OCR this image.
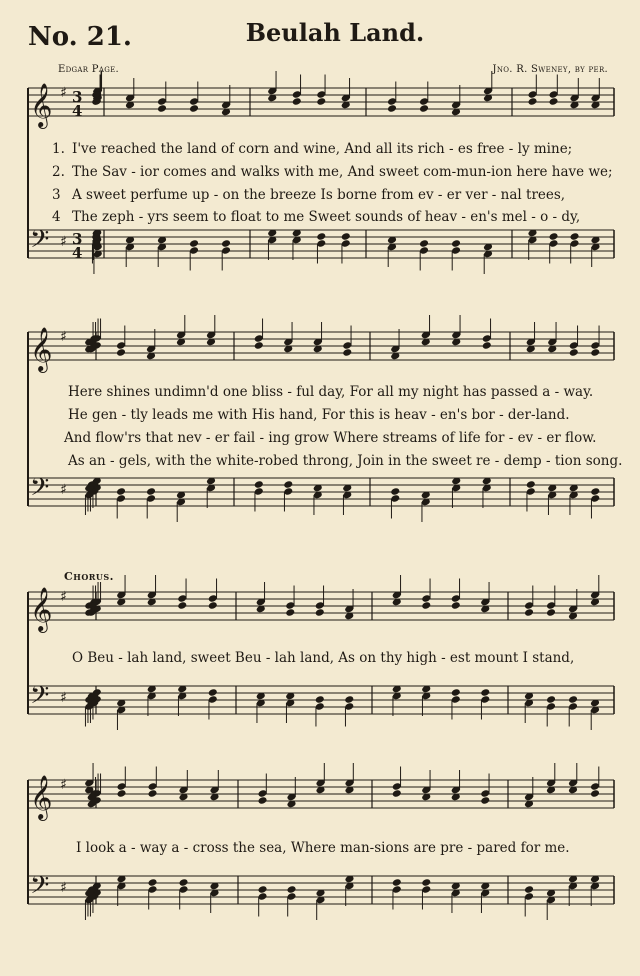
No. 21.	Beulah Land.
Edgar Page.	Jno. R. Sweney, by per.
Chorus.
𝄞 ♯ 3
4
𝄢 ♯ 3
4
𝄞 ♯
𝄢 ♯
𝄞 ♯
𝄢 ♯
𝄞 ♯
𝄢 ♯
1. I've reached the land of corn and wine, And all its rich - es free - ly mine;
2. The Sav - ior comes and walks with me, And sweet com-mun-ion here have we;
3 A sweet perfume up - on the breeze Is borne from ev - er ver - nal trees,
4 The zeph - yrs seem to float to me Sweet sounds of heav - en's mel - o - dy,
Here shines undimn'd one bliss - ful day, For all my night has passed a - way.
He gen - tly leads me with His hand, For this is heav - en's bor - der-land.
And flow'rs that nev - er fail - ing grow Where streams of life for - ev - er flow.
As an - gels, with the white-robed throng, Join in the sweet re - demp - tion song.
O Beu - lah land, sweet Beu - lah land, As on thy high - est mount I stand,
I look a - way a - cross the sea, Where man-sions are pre - pared for me.
